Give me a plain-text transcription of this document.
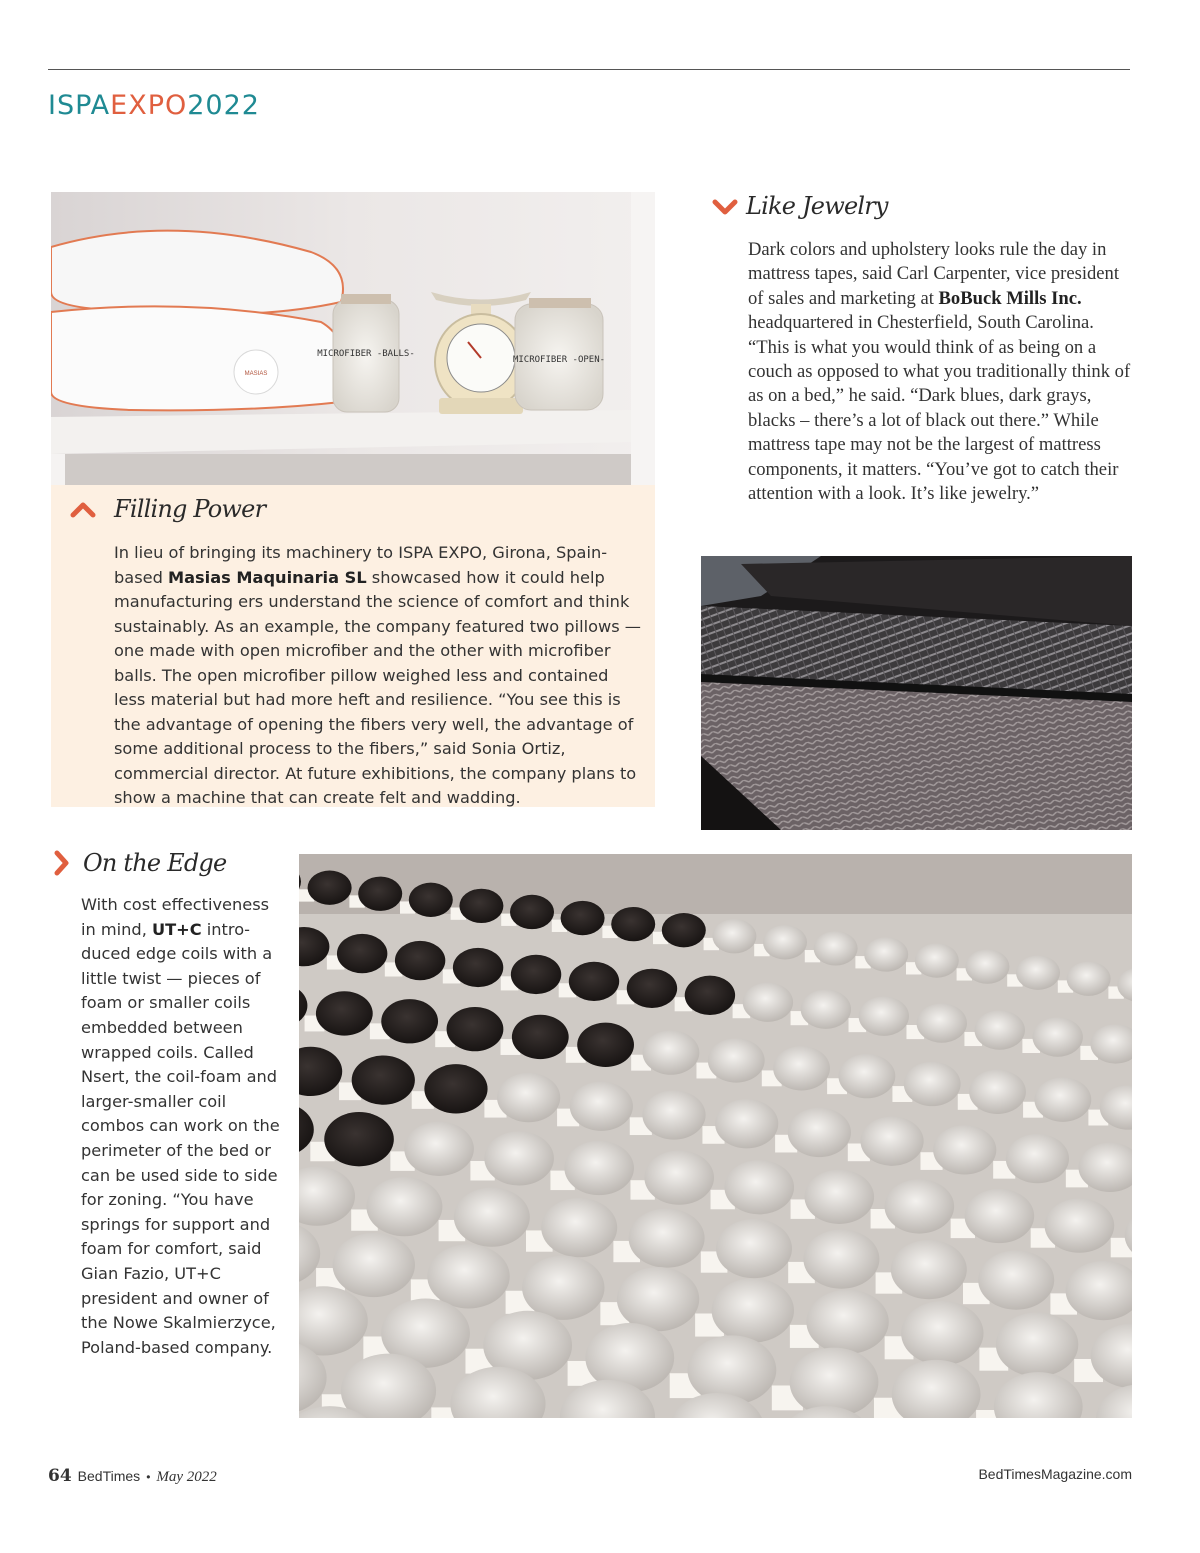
ISPAEXPO2022
MASIAS
MICROFIBER -BALLS-
MICROFIBER -OPEN-
Filling Power

In lieu of bringing its machinery to ISPA EXPO, Girona, Spain-based Masias Maquinaria SL showcased how it could help manufacturing ers understand the science of comfort and think sustainably. As an example, the company featured two pillows — one made with open microfiber and the other with microfiber balls. The open microfiber pillow weighed less and contained less material but had more heft and resilience. “You see this is the advantage of opening the fibers very well, the advantage of some additional process to the fibers,” said Sonia Ortiz, commercial director. At future exhibitions, the company plans to show a machine that can create felt and wadding.

Like Jewelry

Dark colors and upholstery looks rule the day in mattress tapes, said Carl Carpenter, vice president of sales and marketing at BoBuck Mills Inc. headquartered in Chesterfield, South Carolina. “This is what you would think of as being on a couch as opposed to what you traditionally think of as on a bed,” he said. “Dark blues, dark grays, blacks – there’s a lot of black out there.” While mattress tape may not be the largest of mattress components, it matters. “You’ve got to catch their attention with a look. It’s like jewelry.”

On the Edge

With cost effectiveness in mind, UT+C introduced edge coils with a little twist — pieces of foam or smaller coils embedded between wrapped coils. Called Nsert, the coil-foam and larger-smaller coil combos can work on the perimeter of the bed or can be used side to side for zoning. “You have springs for support and foam for comfort, said Gian Fazio, UT+C president and owner of the Nowe Skalmierzyce, Poland-based company.

64 BedTimes • May 2022	BedTimesMagazine.com
